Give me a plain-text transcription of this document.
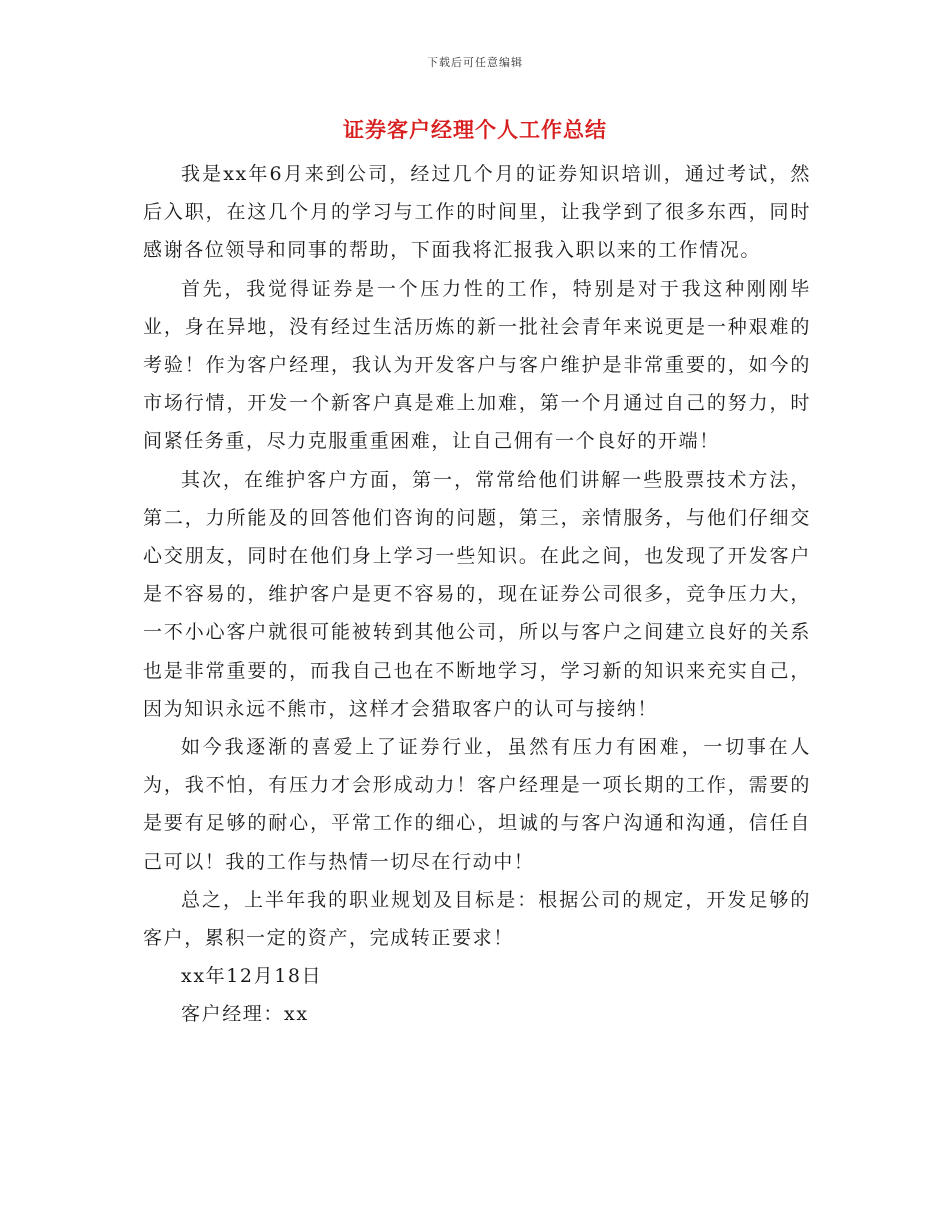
下载后可任意编辑
证券客户经理个人工作总结

我是xx年6月来到公司，经过几个月的证券知识培训，通过考试，然后入职，在这几个月的学习与工作的时间里，让我学到了很多东西，同时感谢各位领导和同事的帮助，下面我将汇报我入职以来的工作情况。

首先，我觉得证券是一个压力性的工作，特别是对于我这种刚刚毕业，身在异地，没有经过生活历炼的新一批社会青年来说更是一种艰难的考验！作为客户经理，我认为开发客户与客户维护是非常重要的，如今的市场行情，开发一个新客户真是难上加难，第一个月通过自己的努力，时间紧任务重，尽力克服重重困难，让自己佣有一个良好的开端！

其次，在维护客户方面，第一，常常给他们讲解一些股票技术方法，第二，力所能及的回答他们咨询的问题，第三，亲情服务，与他们仔细交心交朋友，同时在他们身上学习一些知识。在此之间，也发现了开发客户是不容易的，维护客户是更不容易的，现在证券公司很多，竞争压力大，一不小心客户就很可能被转到其他公司，所以与客户之间建立良好的关系也是非常重要的，而我自己也在不断地学习，学习新的知识来充实自己，因为知识永远不熊市，这样才会猎取客户的认可与接纳！

如今我逐渐的喜爱上了证券行业，虽然有压力有困难，一切事在人为，我不怕，有压力才会形成动力！客户经理是一项长期的工作，需要的是要有足够的耐心，平常工作的细心，坦诚的与客户沟通和沟通，信任自己可以！我的工作与热情一切尽在行动中！

总之，上半年我的职业规划及目标是：根据公司的规定，开发足够的客户，累积一定的资产，完成转正要求！

xx年12月18日

客户经理：xx
